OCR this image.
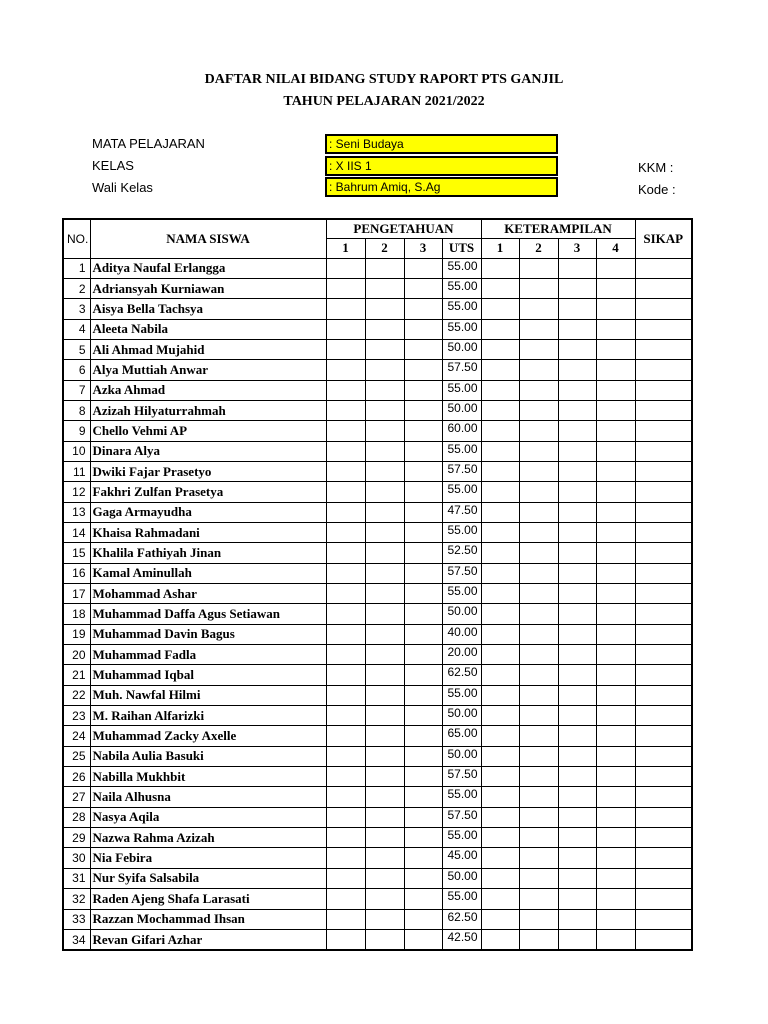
DAFTAR NILAI BIDANG STUDY RAPORT PTS GANJIL
TAHUN PELAJARAN 2021/2022
MATA PELAJARAN
KELAS
Wali Kelas
: Seni Budaya
: X IIS 1
: Bahrum Amiq, S.Ag
KKM :
Kode :
NO.	NAMA SISWA	PENGETAHUAN				KETERAMPILAN				SIKAP
		1	2	3	UTS	1	2	3	4	
1	Aditya Naufal Erlangga				55.00					
2	Adriansyah Kurniawan				55.00					
3	Aisya Bella Tachsya				55.00					
4	Aleeta Nabila				55.00					
5	Ali Ahmad Mujahid				50.00					
6	Alya Muttiah Anwar				57.50					
7	Azka Ahmad				55.00					
8	Azizah Hilyaturrahmah				50.00					
9	Chello Vehmi AP				60.00					
10	Dinara Alya				55.00					
11	Dwiki Fajar Prasetyo				57.50					
12	Fakhri Zulfan Prasetya				55.00					
13	Gaga Armayudha				47.50					
14	Khaisa Rahmadani				55.00					
15	Khalila Fathiyah Jinan				52.50					
16	Kamal Aminullah				57.50					
17	Mohammad Ashar				55.00					
18	Muhammad Daffa Agus Setiawan				50.00					
19	Muhammad Davin Bagus				40.00					
20	Muhammad Fadla				20.00					
21	Muhammad Iqbal				62.50					
22	Muh. Nawfal Hilmi				55.00					
23	M. Raihan Alfarizki				50.00					
24	Muhammad Zacky Axelle				65.00					
25	Nabila Aulia Basuki				50.00					
26	Nabilla Mukhbit				57.50					
27	Naila Alhusna				55.00					
28	Nasya Aqila				57.50					
29	Nazwa Rahma Azizah				55.00					
30	Nia Febira				45.00					
31	Nur Syifa Salsabila				50.00					
32	Raden Ajeng Shafa Larasati				55.00					
33	Razzan Mochammad Ihsan				62.50					
34	Revan Gifari Azhar				42.50					
